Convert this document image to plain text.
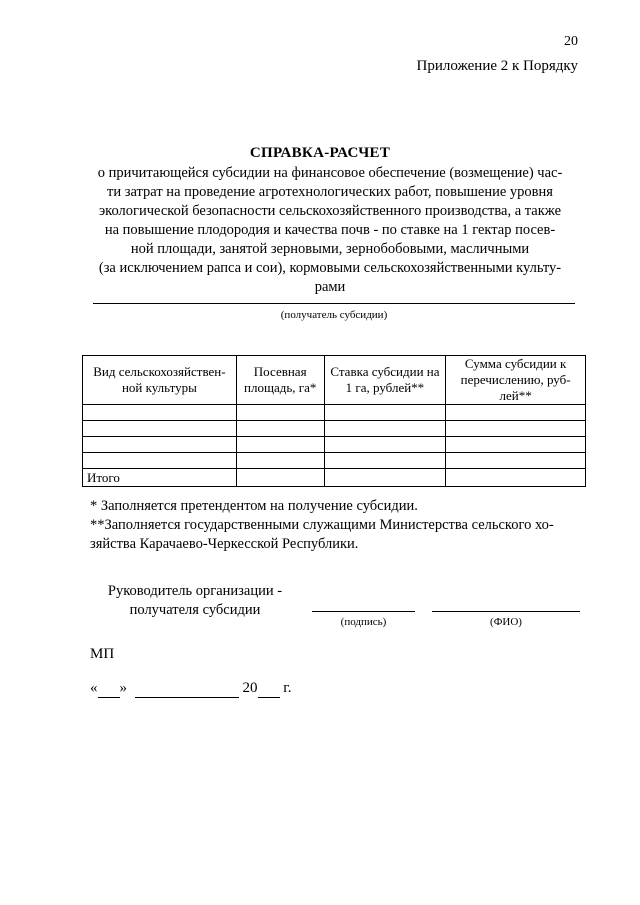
20
Приложение 2 к Порядку
СПРАВКА-РАСЧЕТ
о причитающейся субсидии на финансовое обеспечение (возмещение) час-
ти затрат на проведение агротехнологических работ, повышение уровня
экологической безопасности сельскохозяйственного производства, а также
на повышение плодородия и качества почв - по ставке на 1 гектар посев-
ной площади, занятой зерновыми, зернобобовыми, масличными
(за исключением рапса и сои), кормовыми сельскохозяйственными культу-
рами
(получатель субсидии)
Вид сельскохозяйствен-ной культуры	Посевная площадь, га*	Ставка субсидии на 1 га, рублей**	Сумма субсидии к перечислению, руб-лей**

Итого			
* Заполняется претендентом на получение субсидии.
**Заполняется государственными служащими Министерства сельского хо-
зяйства Карачаево-Черкесской Республики.
Руководитель организации -
получателя субсидии
(подпись)	(ФИО)
МП
« »	20 г.
